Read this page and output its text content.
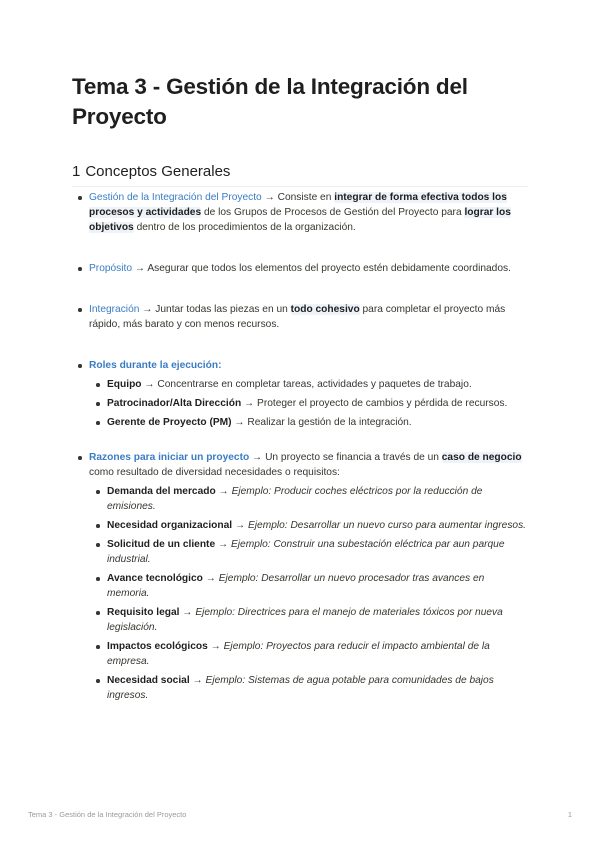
Tema 3 - Gestión de la Integración del Proyecto
1 Conceptos Generales
Gestión de la Integración del Proyecto → Consiste en integrar de forma efectiva todos los procesos y actividades de los Grupos de Procesos de Gestión del Proyecto para lograr los objetivos dentro de los procedimientos de la organización.
Propósito → Asegurar que todos los elementos del proyecto estén debidamente coordinados.
Integración → Juntar todas las piezas en un todo cohesivo para completar el proyecto más rápido, más barato y con menos recursos.
Roles durante la ejecución:
Equipo → Concentrarse en completar tareas, actividades y paquetes de trabajo.
Patrocinador/Alta Dirección → Proteger el proyecto de cambios y pérdida de recursos.
Gerente de Proyecto (PM) → Realizar la gestión de la integración.
Razones para iniciar un proyecto → Un proyecto se financia a través de un caso de negocio como resultado de diversidad necesidades o requisitos:
Demanda del mercado → Ejemplo: Producir coches eléctricos por la reducción de emisiones.
Necesidad organizacional → Ejemplo: Desarrollar un nuevo curso para aumentar ingresos.
Solicitud de un cliente → Ejemplo: Construir una subestación eléctrica par aun parque industrial.
Avance tecnológico → Ejemplo: Desarrollar un nuevo procesador tras avances en memoria.
Requisito legal → Ejemplo: Directrices para el manejo de materiales tóxicos por nueva legislación.
Impactos ecológicos → Ejemplo: Proyectos para reducir el impacto ambiental de la empresa.
Necesidad social → Ejemplo: Sistemas de agua potable para comunidades de bajos ingresos.
Tema 3 - Gestión de la Integración del Proyecto	1
